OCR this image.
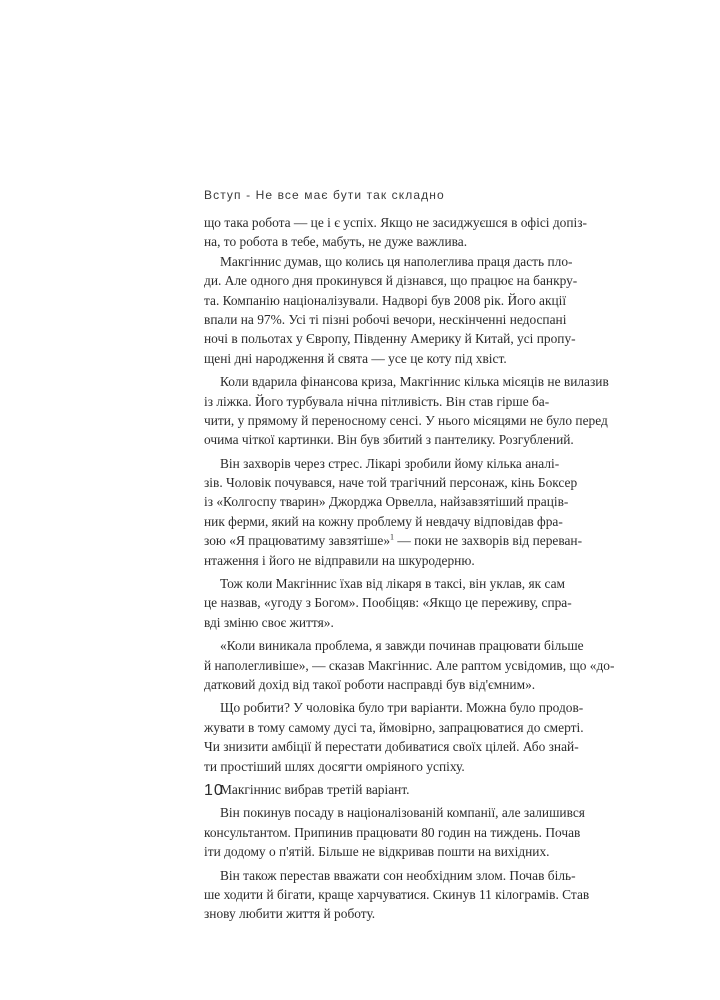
Вступ - Не все має бути так складно
що така робота — це і є успіх. Якщо не засиджуєшся в офісі допіз-
на, то робота в тебе, мабуть, не дуже важлива.
Макгіннис думав, що колись ця наполеглива праця дасть пло-
ди. Але одного дня прокинувся й дізнався, що працює на банкру-
та. Компанію націоналізували. Надворі був 2008 рік. Його акції
впали на 97%. Усі ті пізні робочі вечори, нескінченні недоспані
ночі в польотах у Європу, Південну Америку й Китай, усі пропу-
щені дні народження й свята — усе це коту під хвіст.
Коли вдарила фінансова криза, Макгіннис кілька місяців не вилазив
із ліжка. Його турбувала нічна пітливість. Він став гірше ба-
чити, у прямому й переносному сенсі. У нього місяцями не було перед
очима чіткої картинки. Він був збитий з пантелику. Розгублений.
Він захворів через стрес. Лікарі зробили йому кілька аналі-
зів. Чоловік почувався, наче той трагічний персонаж, кінь Боксер
із «Колгоспу тварин» Джорджа Орвелла, найзавзятіший праців-
ник ферми, який на кожну проблему й невдачу відповідав фра-
зою «Я працюватиму завзятіше»$^1$ — поки не захворів від переван-
нтаження і його не відправили на шкуродерню.
Тож коли Макгіннис їхав від лікаря в таксі, він уклав, як сам
це назвав, «угоду з Богом». Пообіцяв: «Якщо це переживу, спра-
вді зміню своє життя».
«Коли виникала проблема, я завжди починав працювати більше
й наполегливіше», — сказав Макгіннис. Але раптом усвідомив, що «до-
датковий дохід від такої роботи насправді був від'ємним».
Що робити? У чоловіка було три варіанти. Можна було продов-
жувати в тому самому дусі та, ймовірно, запрацюватися до смерті.
Чи знизити амбіції й перестати добиватися своїх цілей. Або знай-
ти простіший шлях досягти омріяного успіху.
Макгіннис вибрав третій варіант.
Він покинув посаду в націоналізованій компанії, але залишився
консультантом. Припинив працювати 80 годин на тиждень. Почав
іти додому о п'ятій. Більше не відкривав пошти на вихідних.
Він також перестав вважати сон необхідним злом. Почав біль-
ше ходити й бігати, краще харчуватися. Скинув 11 кілограмів. Став
знову любити життя й роботу.
10
